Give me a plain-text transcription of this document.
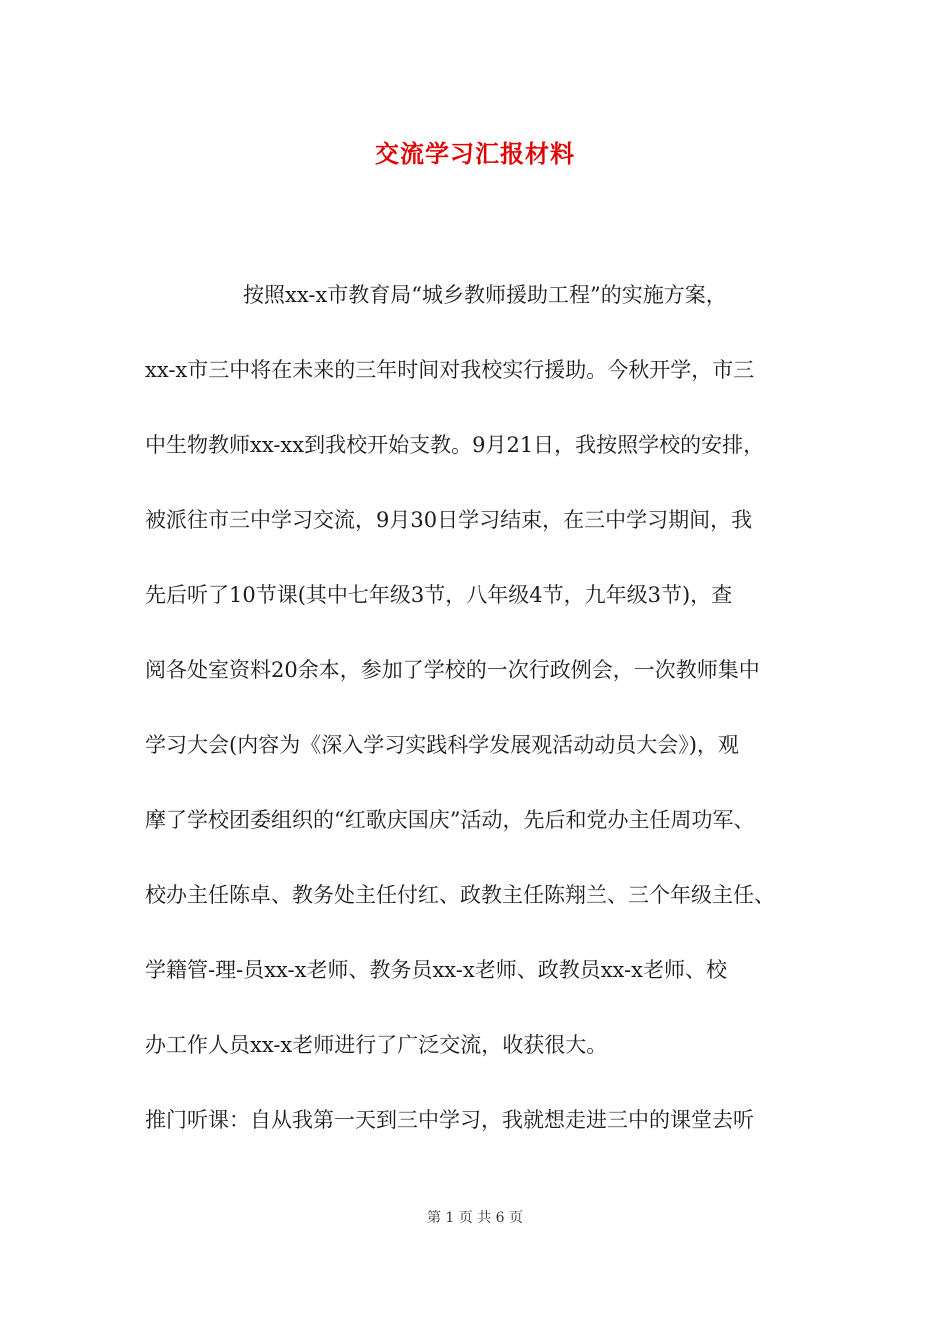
交流学习汇报材料
按照xx-x市教育局“城乡教师援助工程”的实施方案，
xx-x市三中将在未来的三年时间对我校实行援助。今秋开学，市三
中生物教师xx-xx到我校开始支教。9月21日，我按照学校的安排，
被派往市三中学习交流，9月30日学习结束，在三中学习期间，我
先后听了10节课(其中七年级3节，八年级4节，九年级3节)，查
阅各处室资料20余本，参加了学校的一次行政例会，一次教师集中
学习大会(内容为《深入学习实践科学发展观活动动员大会》)，观
摩了学校团委组织的“红歌庆国庆”活动，先后和党办主任周功军、
校办主任陈卓、教务处主任付红、政教主任陈翔兰、三个年级主任、
学籍管-理-员xx-x老师、教务员xx-x老师、政教员xx-x老师、校
办工作人员xx-x老师进行了广泛交流，收获很大。
推门听课：自从我第一天到三中学习，我就想走进三中的课堂去听
第 1 页 共 6 页
